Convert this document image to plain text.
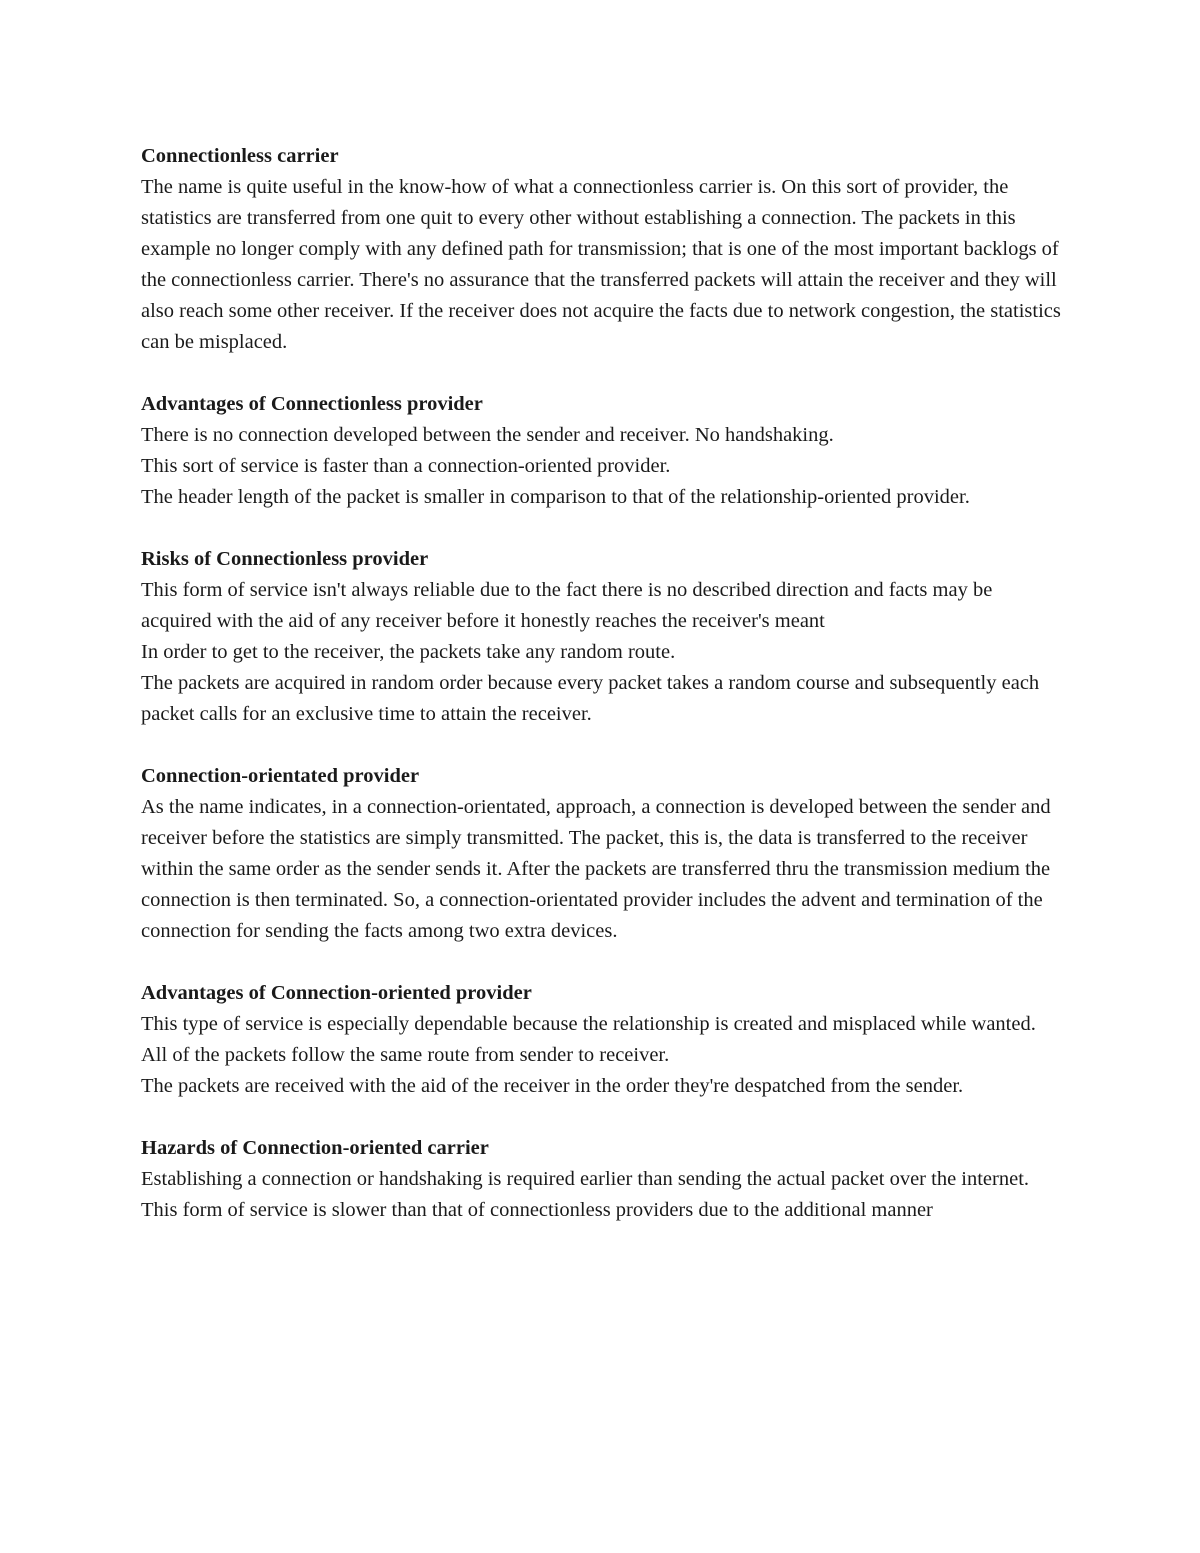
Connectionless carrier

The name is quite useful in the know-how of what a connectionless carrier is. On this sort of provider, the statistics are transferred from one quit to every other without establishing a connection. The packets in this example no longer comply with any defined path for transmission; that is one of the most important backlogs of the connectionless carrier. There's no assurance that the transferred packets will attain the receiver and they will also reach some other receiver. If the receiver does not acquire the facts due to network congestion, the statistics can be misplaced.

Advantages of Connectionless provider

There is no connection developed between the sender and receiver. No handshaking.

This sort of service is faster than a connection-oriented provider.

The header length of the packet is smaller in comparison to that of the relationship-oriented provider.

Risks of Connectionless provider

This form of service isn't always reliable due to the fact there is no described direction and facts may be acquired with the aid of any receiver before it honestly reaches the receiver's meant

In order to get to the receiver, the packets take any random route.

The packets are acquired in random order because every packet takes a random course and subsequently each packet calls for an exclusive time to attain the receiver.

Connection-orientated provider

As the name indicates, in a connection-orientated, approach, a connection is developed between the sender and receiver before the statistics are simply transmitted. The packet, this is, the data is transferred to the receiver within the same order as the sender sends it. After the packets are transferred thru the transmission medium the connection is then terminated. So, a connection-orientated provider includes the advent and termination of the connection for sending the facts among two extra devices.

Advantages of Connection-oriented provider

This type of service is especially dependable because the relationship is created and misplaced while wanted.

All of the packets follow the same route from sender to receiver.

The packets are received with the aid of the receiver in the order they're despatched from the sender.

Hazards of Connection-oriented carrier

Establishing a connection or handshaking is required earlier than sending the actual packet over the internet.

This form of service is slower than that of connectionless providers due to the additional manner
